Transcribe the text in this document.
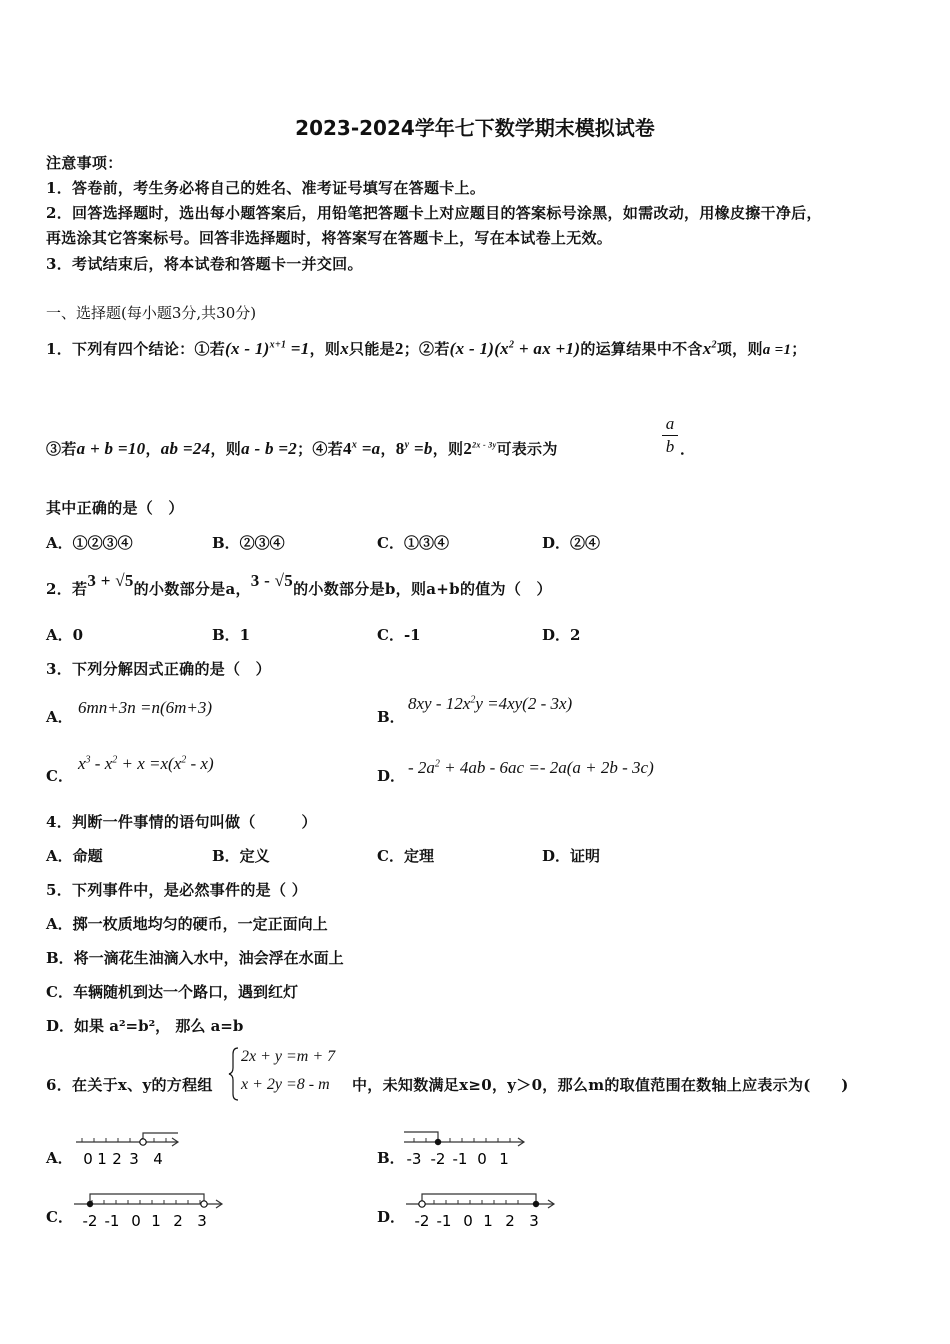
2023-2024学年七下数学期末模拟试卷
注意事项：
1．答卷前，考生务必将自己的姓名、准考证号填写在答题卡上。
2．回答选择题时，选出每小题答案后，用铅笔把答题卡上对应题目的答案标号涂黑，如需改动，用橡皮擦干净后，
再选涂其它答案标号。回答非选择题时，将答案写在答题卡上，写在本试卷上无效。
3．考试结束后，将本试卷和答题卡一并交回。
一、选择题(每小题3分,共30分)
1．下列有四个结论：①若(x - 1)$^{x+1}$ =1，则x只能是2；②若$(x - 1)(x^2$ + ax +1)的运算结果中不含$x^2$项，则a =1；
③若a + b =10，ab =24，则a - b =2；④若$4^x =a$，$8^y =b$，则$2^{2x - 3y}$可表示为
a
b ．
其中正确的是（　）
A．①②③④	B．②③④	C．①③④	D．②④
2．若3 + √5的小数部分是a，3 - √5的小数部分是b，则a+b的值为（　）
A．0	B．1	C．-1	D．2
3．下列分解因式正确的是（　）
A． 6mn+3n =n(6m+3)	B．
$8xy - 12x^2y =4xy(2 - 3x)$
C．
$x^3 - x^2 + x =x(x^2 - x)$
D． - $2a^2 + 4ab - 6ac =- 2a(a + 2b - 3c)$
4．判断一件事情的语句叫做（　　　）
A．命题	B．定义	C．定理	D．证明
5．下列事件中，是必然事件的是（ ）
A．掷一枚质地均匀的硬币，一定正面向上
B．将一滴花生油滴入水中，油会浮在水面上
C．车辆随机到达一个路口，遇到红灯
D．如果 a²=b²， 那么 a=b
6．在关于x、y的方程组
2x + y =m + 7
x + 2y =8 - m 中，未知数满足x≥0，y＞0，那么m的取值范围在数轴上应表示为(　　)
A．	B．
C．	D．
0 1 2 3 4	-3 -2 -1 0 1
-2 -1 0 1 2 3	-2 -1 0 1 2 3
